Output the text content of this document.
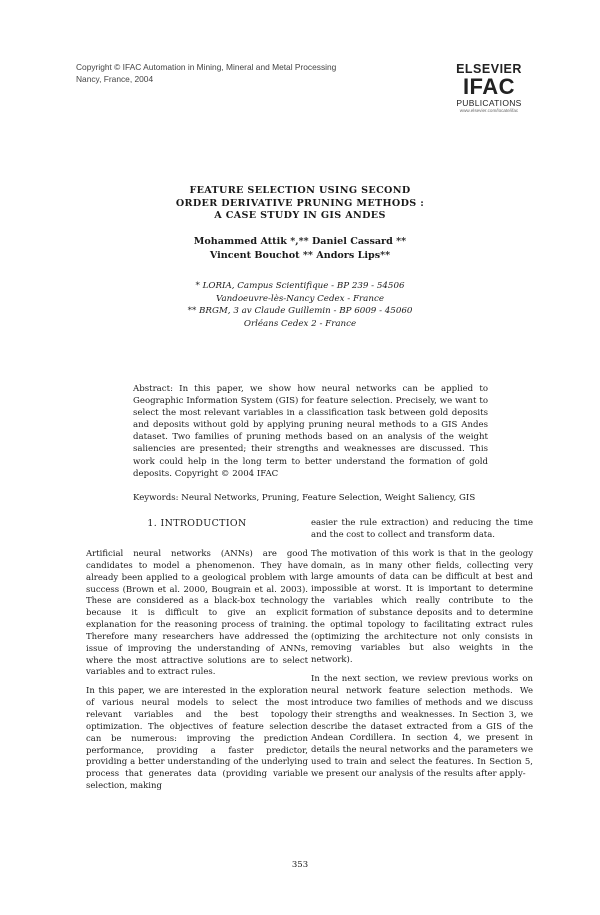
Copyright © IFAC Automation in Mining, Mineral and Metal Processing
Nancy, France, 2004
ELSEVIER
IFAC
PUBLICATIONS
www.elsevier.com/locate/ifac
FEATURE SELECTION USING SECOND
ORDER DERIVATIVE PRUNING METHODS :
A CASE STUDY IN GIS ANDES
Mohammed Attik *,** Daniel Cassard **
Vincent Bouchot ** Andors Lips**
* LORIA, Campus Scientifique - BP 239 - 54506
Vandoeuvre-lès-Nancy Cedex - France
** BRGM, 3 av Claude Guillemin - BP 6009 - 45060
Orléans Cedex 2 - France

Abstract: In this paper, we show how neural networks can be applied to Geographic Information System (GIS) for feature selection. Precisely, we want to select the most relevant variables in a classification task between gold deposits and deposits without gold by applying pruning neural methods to a GIS Andes dataset. Two families of pruning methods based on an analysis of the weight saliencies are presented; their strengths and weaknesses are discussed. This work could help in the long term to better understand the formation of gold deposits. Copyright © 2004 IFAC

Keywords: Neural Networks, Pruning, Feature Selection, Weight Saliency, GIS

1. INTRODUCTION

Artificial neural networks (ANNs) are good candidates to model a phenomenon. They have already been applied to a geological problem with success (Brown et al. 2000, Bougrain et al. 2003). These are considered as a black-box technology because it is difficult to give an explicit explanation for the reasoning process of training. Therefore many researchers have addressed the issue of improving the understanding of ANNs, where the most attractive solutions are to select variables and to extract rules.

In this paper, we are interested in the exploration of various neural models to select the most relevant variables and the best topology optimization. The objectives of feature selection can be numerous: improving the prediction performance, providing a faster predictor, providing a better understanding of the underlying process that generates data (providing variable selection, making

easier the rule extraction) and reducing the time and the cost to collect and transform data.

The motivation of this work is that in the geology domain, as in many other fields, collecting very large amounts of data can be difficult at best and impossible at worst. It is important to determine the variables which really contribute to the formation of substance deposits and to determine the optimal topology to facilitating extract rules (optimizing the architecture not only consists in removing variables but also weights in the network).

In the next section, we review previous works on neural network feature selection methods. We introduce two families of methods and we discuss their strengths and weaknesses. In Section 3, we describe the dataset extracted from a GIS of the Andean Cordillera. In section 4, we present in details the neural networks and the parameters we used to train and select the features. In Section 5, we present our analysis of the results after apply-

353
